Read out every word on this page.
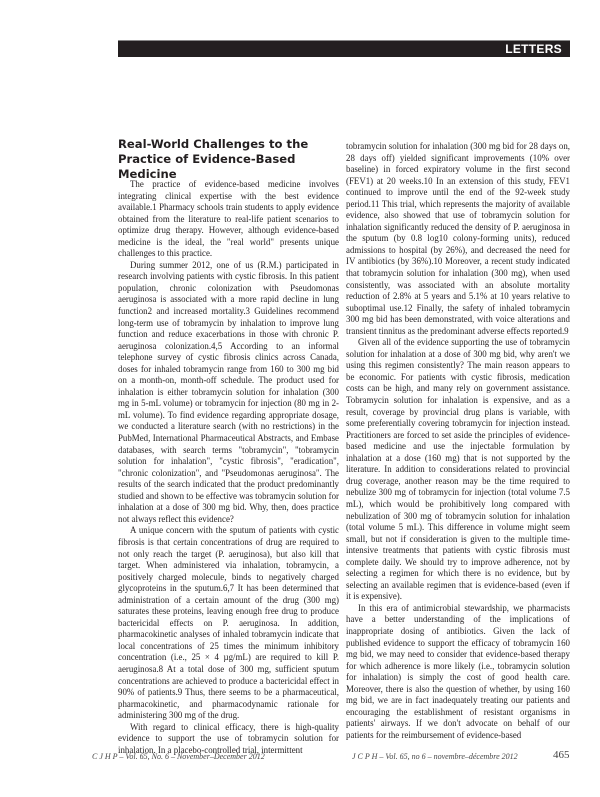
LETTERS
Real-World Challenges to the Practice of Evidence-Based Medicine

The practice of evidence-based medicine involves integrating clinical expertise with the best evidence available.1 Pharmacy schools train students to apply evidence obtained from the literature to real-life patient scenarios to optimize drug therapy. However, although evidence-based medicine is the ideal, the "real world" presents unique challenges to this practice.

During summer 2012, one of us (R.M.) participated in research involving patients with cystic fibrosis. In this patient population, chronic colonization with Pseudomonas aeruginosa is associated with a more rapid decline in lung function2 and increased mortality.3 Guidelines recommend long-term use of tobramycin by inhalation to improve lung function and reduce exacerbations in those with chronic P. aeruginosa colonization.4,5 According to an informal telephone survey of cystic fibrosis clinics across Canada, doses for inhaled tobramycin range from 160 to 300 mg bid on a month-on, month-off schedule. The product used for inhalation is either tobramycin solution for inhalation (300 mg in 5-mL volume) or tobramycin for injection (80 mg in 2-mL volume). To find evidence regarding appropriate dosage, we conducted a literature search (with no restrictions) in the PubMed, International Pharmaceutical Abstracts, and Embase databases, with search terms "tobramycin", "tobramycin solution for inhalation", "cystic fibrosis", "eradication", "chronic colonization", and "Pseudomonas aeruginosa". The results of the search indicated that the product predominantly studied and shown to be effective was tobramycin solution for inhalation at a dose of 300 mg bid. Why, then, does practice not always reflect this evidence?

A unique concern with the sputum of patients with cystic fibrosis is that certain concentrations of drug are required to not only reach the target (P. aeruginosa), but also kill that target. When administered via inhalation, tobramycin, a positively charged molecule, binds to negatively charged glycoproteins in the sputum.6,7 It has been determined that administration of a certain amount of the drug (300 mg) saturates these proteins, leaving enough free drug to produce bactericidal effects on P. aeruginosa. In addition, pharmacokinetic analyses of inhaled tobramycin indicate that local concentrations of 25 times the minimum inhibitory concentration (i.e., 25 × 4 µg/mL) are required to kill P. aeruginosa.8 At a total dose of 300 mg, sufficient sputum concentrations are achieved to produce a bactericidal effect in 90% of patients.9 Thus, there seems to be a pharmaceutical, pharmacokinetic, and pharmacodynamic rationale for administering 300 mg of the drug.

With regard to clinical efficacy, there is high-quality evidence to support the use of tobramycin solution for inhalation. In a placebo-controlled trial, intermittent

tobramycin solution for inhalation (300 mg bid for 28 days on, 28 days off) yielded significant improvements (10% over baseline) in forced expiratory volume in the first second (FEV1) at 20 weeks.10 In an extension of this study, FEV1 continued to improve until the end of the 92-week study period.11 This trial, which represents the majority of available evidence, also showed that use of tobramycin solution for inhalation significantly reduced the density of P. aeruginosa in the sputum (by 0.8 log10 colony-forming units), reduced admissions to hospital (by 26%), and decreased the need for IV antibiotics (by 36%).10 Moreover, a recent study indicated that tobramycin solution for inhalation (300 mg), when used consistently, was associated with an absolute mortality reduction of 2.8% at 5 years and 5.1% at 10 years relative to suboptimal use.12 Finally, the safety of inhaled tobramycin 300 mg bid has been demonstrated, with voice alterations and transient tinnitus as the predominant adverse effects reported.9

Given all of the evidence supporting the use of tobramycin solution for inhalation at a dose of 300 mg bid, why aren't we using this regimen consistently? The main reason appears to be economic. For patients with cystic fibrosis, medication costs can be high, and many rely on government assistance. Tobramycin solution for inhalation is expensive, and as a result, coverage by provincial drug plans is variable, with some preferentially covering tobramycin for injection instead. Practitioners are forced to set aside the principles of evidence-based medicine and use the injectable formulation by inhalation at a dose (160 mg) that is not supported by the literature. In addition to considerations related to provincial drug coverage, another reason may be the time required to nebulize 300 mg of tobramycin for injection (total volume 7.5 mL), which would be prohibitively long compared with nebulization of 300 mg of tobramycin solution for inhalation (total volume 5 mL). This difference in volume might seem small, but not if consideration is given to the multiple time-intensive treatments that patients with cystic fibrosis must complete daily. We should try to improve adherence, not by selecting a regimen for which there is no evidence, but by selecting an available regimen that is evidence-based (even if it is expensive).

In this era of antimicrobial stewardship, we pharmacists have a better understanding of the implications of inappropriate dosing of antibiotics. Given the lack of published evidence to support the efficacy of tobramycin 160 mg bid, we may need to consider that evidence-based therapy for which adherence is more likely (i.e., tobramycin solution for inhalation) is simply the cost of good health care. Moreover, there is also the question of whether, by using 160 mg bid, we are in fact inadequately treating our patients and encouraging the establishment of resistant organisms in patients' airways. If we don't advocate on behalf of our patients for the reimbursement of evidence-based

C J H P – Vol. 65, No. 6 – November–December 2012	J C P H – Vol. 65, no 6 – novembre–décembre 2012	465
